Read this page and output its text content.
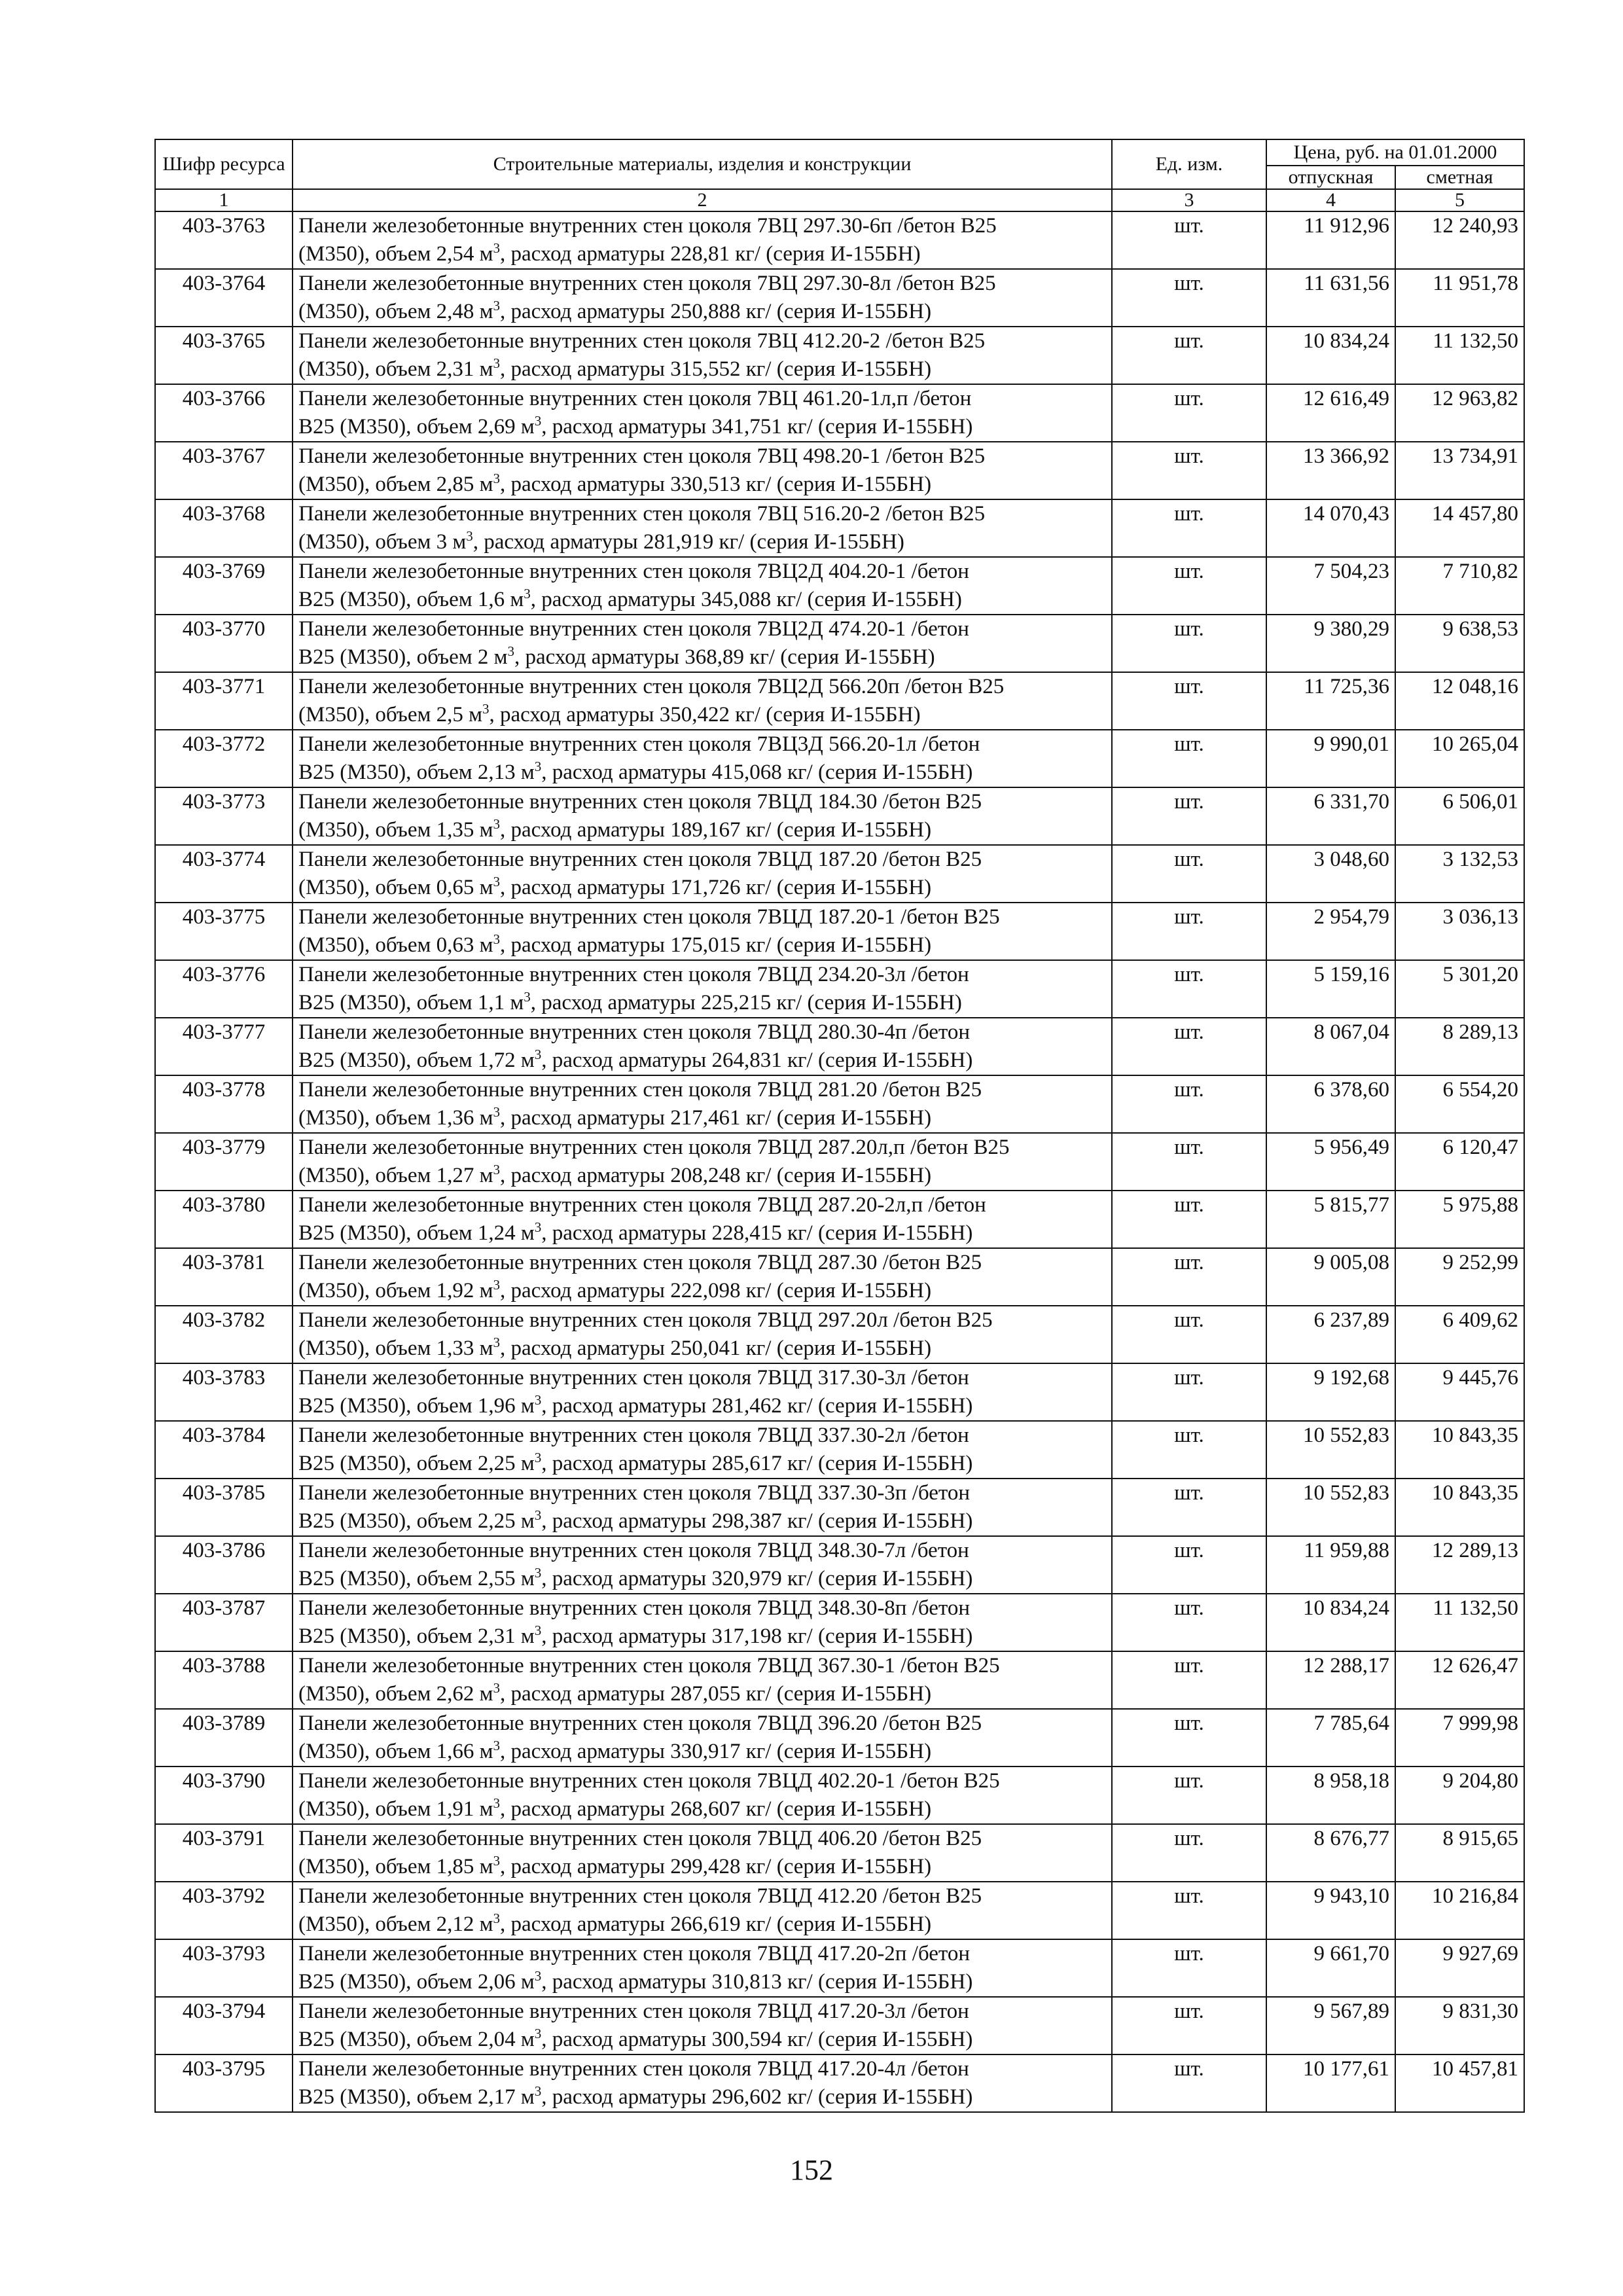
Шифр ресурса	Строительные материалы, изделия и конструкции	Ед. изм.	Цена, руб. на 01.01.2000	
			отпускная	сметная
1	2	3	4	5
403-3763	Панели железобетонные внутренних стен цоколя 7ВЦ 297.30-6п /бетон В25
(М350), объем 2,54 $м^3$, расход арматуры 228,81 кг/ (серия И-155БН)	шт.	11 912,96	12 240,93
403-3764	Панели железобетонные внутренних стен цоколя 7ВЦ 297.30-8л /бетон В25
(М350), объем 2,48 $м^3$, расход арматуры 250,888 кг/ (серия И-155БН)	шт.	11 631,56	11 951,78
403-3765	Панели железобетонные внутренних стен цоколя 7ВЦ 412.20-2 /бетон В25
(М350), объем 2,31 $м^3$, расход арматуры 315,552 кг/ (серия И-155БН)	шт.	10 834,24	11 132,50
403-3766	Панели железобетонные внутренних стен цоколя 7ВЦ 461.20-1л,п /бетон
В25 (М350), объем 2,69 $м^3$, расход арматуры 341,751 кг/ (серия И-155БН)	шт.	12 616,49	12 963,82
403-3767	Панели железобетонные внутренних стен цоколя 7ВЦ 498.20-1 /бетон В25
(М350), объем 2,85 $м^3$, расход арматуры 330,513 кг/ (серия И-155БН)	шт.	13 366,92	13 734,91
403-3768	Панели железобетонные внутренних стен цоколя 7ВЦ 516.20-2 /бетон В25
(М350), объем 3 $м^3$, расход арматуры 281,919 кг/ (серия И-155БН)	шт.	14 070,43	14 457,80
403-3769	Панели железобетонные внутренних стен цоколя 7ВЦ2Д 404.20-1 /бетон
В25 (М350), объем 1,6 $м^3$, расход арматуры 345,088 кг/ (серия И-155БН)	шт.	7 504,23	7 710,82
403-3770	Панели железобетонные внутренних стен цоколя 7ВЦ2Д 474.20-1 /бетон
В25 (М350), объем 2 $м^3$, расход арматуры 368,89 кг/ (серия И-155БН)	шт.	9 380,29	9 638,53
403-3771	Панели железобетонные внутренних стен цоколя 7ВЦ2Д 566.20п /бетон В25
(М350), объем 2,5 $м^3$, расход арматуры 350,422 кг/ (серия И-155БН)	шт.	11 725,36	12 048,16
403-3772	Панели железобетонные внутренних стен цоколя 7ВЦ3Д 566.20-1л /бетон
В25 (М350), объем 2,13 $м^3$, расход арматуры 415,068 кг/ (серия И-155БН)	шт.	9 990,01	10 265,04
403-3773	Панели железобетонные внутренних стен цоколя 7ВЦД 184.30 /бетон В25
(М350), объем 1,35 $м^3$, расход арматуры 189,167 кг/ (серия И-155БН)	шт.	6 331,70	6 506,01
403-3774	Панели железобетонные внутренних стен цоколя 7ВЦД 187.20 /бетон В25
(М350), объем 0,65 $м^3$, расход арматуры 171,726 кг/ (серия И-155БН)	шт.	3 048,60	3 132,53
403-3775	Панели железобетонные внутренних стен цоколя 7ВЦД 187.20-1 /бетон В25
(М350), объем 0,63 $м^3$, расход арматуры 175,015 кг/ (серия И-155БН)	шт.	2 954,79	3 036,13
403-3776	Панели железобетонные внутренних стен цоколя 7ВЦД 234.20-3л /бетон
В25 (М350), объем 1,1 $м^3$, расход арматуры 225,215 кг/ (серия И-155БН)	шт.	5 159,16	5 301,20
403-3777	Панели железобетонные внутренних стен цоколя 7ВЦД 280.30-4п /бетон
В25 (М350), объем 1,72 $м^3$, расход арматуры 264,831 кг/ (серия И-155БН)	шт.	8 067,04	8 289,13
403-3778	Панели железобетонные внутренних стен цоколя 7ВЦД 281.20 /бетон В25
(М350), объем 1,36 $м^3$, расход арматуры 217,461 кг/ (серия И-155БН)	шт.	6 378,60	6 554,20
403-3779	Панели железобетонные внутренних стен цоколя 7ВЦД 287.20л,п /бетон В25
(М350), объем 1,27 $м^3$, расход арматуры 208,248 кг/ (серия И-155БН)	шт.	5 956,49	6 120,47
403-3780	Панели железобетонные внутренних стен цоколя 7ВЦД 287.20-2л,п /бетон
В25 (М350), объем 1,24 $м^3$, расход арматуры 228,415 кг/ (серия И-155БН)	шт.	5 815,77	5 975,88
403-3781	Панели железобетонные внутренних стен цоколя 7ВЦД 287.30 /бетон В25
(М350), объем 1,92 $м^3$, расход арматуры 222,098 кг/ (серия И-155БН)	шт.	9 005,08	9 252,99
403-3782	Панели железобетонные внутренних стен цоколя 7ВЦД 297.20л /бетон В25
(М350), объем 1,33 $м^3$, расход арматуры 250,041 кг/ (серия И-155БН)	шт.	6 237,89	6 409,62
403-3783	Панели железобетонные внутренних стен цоколя 7ВЦД 317.30-3л /бетон
В25 (М350), объем 1,96 $м^3$, расход арматуры 281,462 кг/ (серия И-155БН)	шт.	9 192,68	9 445,76
403-3784	Панели железобетонные внутренних стен цоколя 7ВЦД 337.30-2л /бетон
В25 (М350), объем 2,25 $м^3$, расход арматуры 285,617 кг/ (серия И-155БН)	шт.	10 552,83	10 843,35
403-3785	Панели железобетонные внутренних стен цоколя 7ВЦД 337.30-3п /бетон
В25 (М350), объем 2,25 $м^3$, расход арматуры 298,387 кг/ (серия И-155БН)	шт.	10 552,83	10 843,35
403-3786	Панели железобетонные внутренних стен цоколя 7ВЦД 348.30-7л /бетон
В25 (М350), объем 2,55 $м^3$, расход арматуры 320,979 кг/ (серия И-155БН)	шт.	11 959,88	12 289,13
403-3787	Панели железобетонные внутренних стен цоколя 7ВЦД 348.30-8п /бетон
В25 (М350), объем 2,31 $м^3$, расход арматуры 317,198 кг/ (серия И-155БН)	шт.	10 834,24	11 132,50
403-3788	Панели железобетонные внутренних стен цоколя 7ВЦД 367.30-1 /бетон В25
(М350), объем 2,62 $м^3$, расход арматуры 287,055 кг/ (серия И-155БН)	шт.	12 288,17	12 626,47
403-3789	Панели железобетонные внутренних стен цоколя 7ВЦД 396.20 /бетон В25
(М350), объем 1,66 $м^3$, расход арматуры 330,917 кг/ (серия И-155БН)	шт.	7 785,64	7 999,98
403-3790	Панели железобетонные внутренних стен цоколя 7ВЦД 402.20-1 /бетон В25
(М350), объем 1,91 $м^3$, расход арматуры 268,607 кг/ (серия И-155БН)	шт.	8 958,18	9 204,80
403-3791	Панели железобетонные внутренних стен цоколя 7ВЦД 406.20 /бетон В25
(М350), объем 1,85 $м^3$, расход арматуры 299,428 кг/ (серия И-155БН)	шт.	8 676,77	8 915,65
403-3792	Панели железобетонные внутренних стен цоколя 7ВЦД 412.20 /бетон В25
(М350), объем 2,12 $м^3$, расход арматуры 266,619 кг/ (серия И-155БН)	шт.	9 943,10	10 216,84
403-3793	Панели железобетонные внутренних стен цоколя 7ВЦД 417.20-2п /бетон
В25 (М350), объем 2,06 $м^3$, расход арматуры 310,813 кг/ (серия И-155БН)	шт.	9 661,70	9 927,69
403-3794	Панели железобетонные внутренних стен цоколя 7ВЦД 417.20-3л /бетон
В25 (М350), объем 2,04 $м^3$, расход арматуры 300,594 кг/ (серия И-155БН)	шт.	9 567,89	9 831,30
403-3795	Панели железобетонные внутренних стен цоколя 7ВЦД 417.20-4л /бетон
В25 (М350), объем 2,17 $м^3$, расход арматуры 296,602 кг/ (серия И-155БН)	шт.	10 177,61	10 457,81
152
